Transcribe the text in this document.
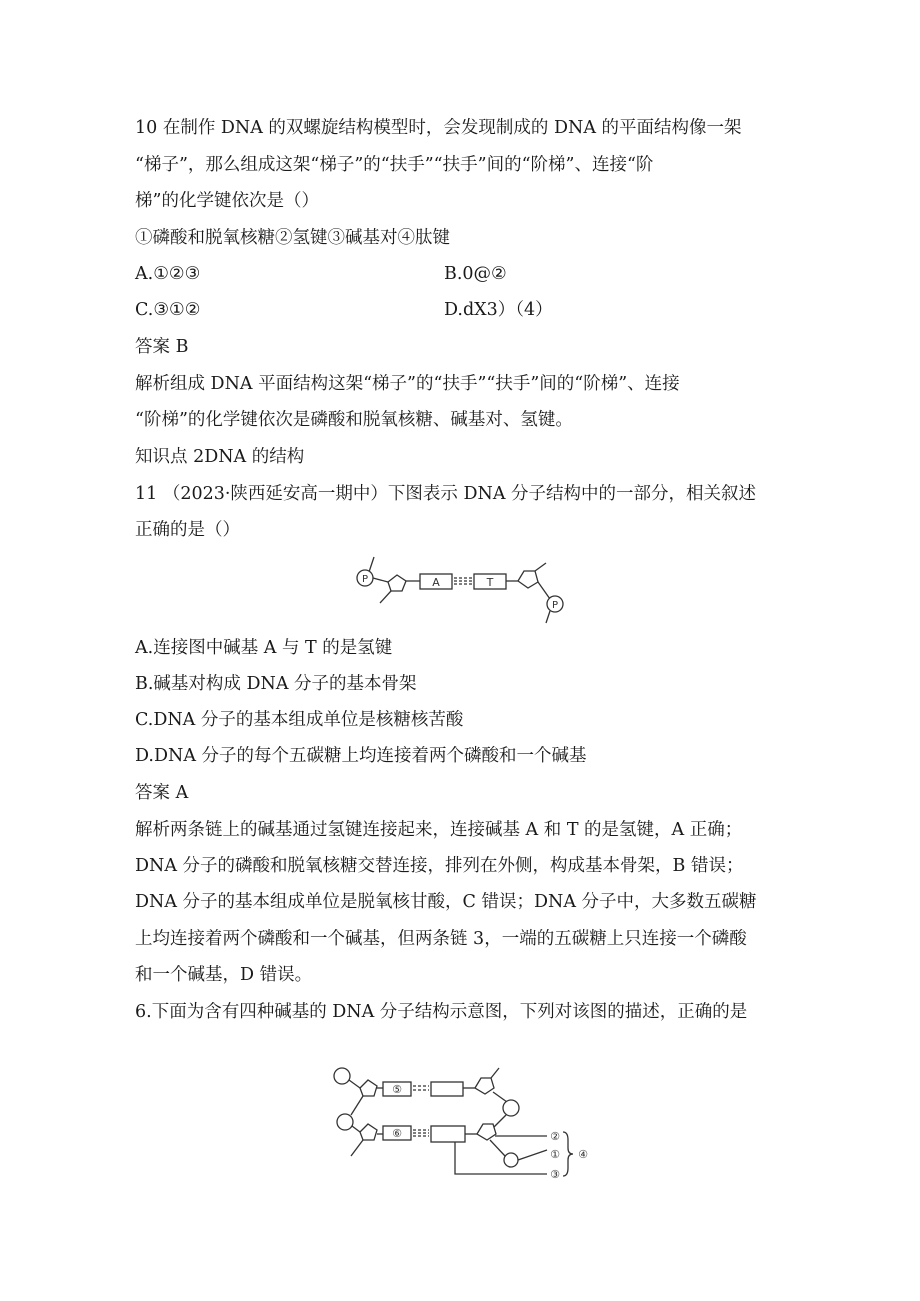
10 在制作 DNA 的双螺旋结构模型时，会发现制成的 DNA 的平面结构像一架
“梯子”，那么组成这架“梯子”的“扶手”“扶手”间的“阶梯”、连接“阶
梯”的化学键依次是（）
①磷酸和脱氧核糖②氢键③碱基对④肽键
A.①②③	B.0@②
C.③①②	D.dX3）（4）
答案 B
解析组成 DNA 平面结构这架“梯子”的“扶手”“扶手”间的“阶梯”、连接
“阶梯”的化学键依次是磷酸和脱氧核糖、碱基对、氢键。
知识点 2DNA 的结构
11 （2023·陕西延安高一期中）下图表示 DNA 分子结构中的一部分，相关叙述
正确的是（）
P	A	T
P
A.连接图中碱基 A 与 T 的是氢键
B.碱基对构成 DNA 分子的基本骨架
C.DNA 分子的基本组成单位是核糖核苦酸
D.DNA 分子的每个五碳糖上均连接着两个磷酸和一个碱基
答案 A
解析两条链上的碱基通过氢键连接起来，连接碱基 A 和 T 的是氢键，A 正确；
DNA 分子的磷酸和脱氧核糖交替连接，排列在外侧，构成基本骨架，B 错误；
DNA 分子的基本组成单位是脱氧核甘酸，C 错误；DNA 分子中，大多数五碳糖
上均连接着两个磷酸和一个碱基，但两条链 3，一端的五碳糖上只连接一个磷酸
和一个碱基，D 错误。
6.下面为含有四种碱基的 DNA 分子结构示意图，下列对该图的描述，正确的是
⑤
⑥	②
①
③
④
